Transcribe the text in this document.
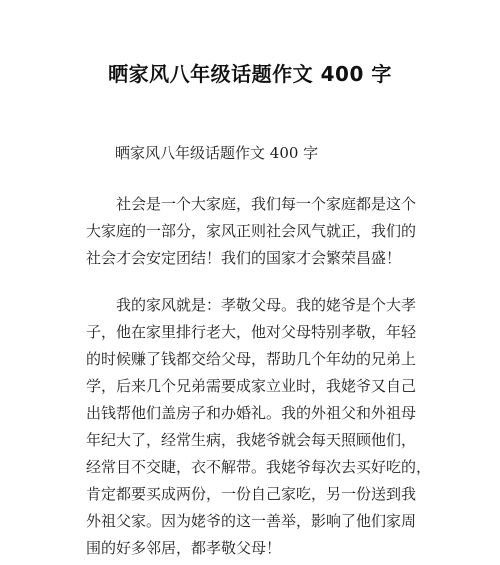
晒家风八年级话题作文 400 字
晒家风八年级话题作文 400 字
　　社会是一个大家庭，我们每一个家庭都是这个
大家庭的一部分，家风正则社会风气就正，我们的
社会才会安定团结！我们的国家才会繁荣昌盛！
　　我的家风就是：孝敬父母。我的姥爷是个大孝
子，他在家里排行老大，他对父母特别孝敬，年轻
的时候赚了钱都交给父母，帮助几个年幼的兄弟上
学，后来几个兄弟需要成家立业时，我姥爷又自己
出钱帮他们盖房子和办婚礼。我的外祖父和外祖母
年纪大了，经常生病，我姥爷就会每天照顾他们，
经常目不交睫，衣不解带。我姥爷每次去买好吃的，
肯定都要买成两份，一份自己家吃，另一份送到我
外祖父家。因为姥爷的这一善举，影响了他们家周
围的好多邻居，都孝敬父母！
